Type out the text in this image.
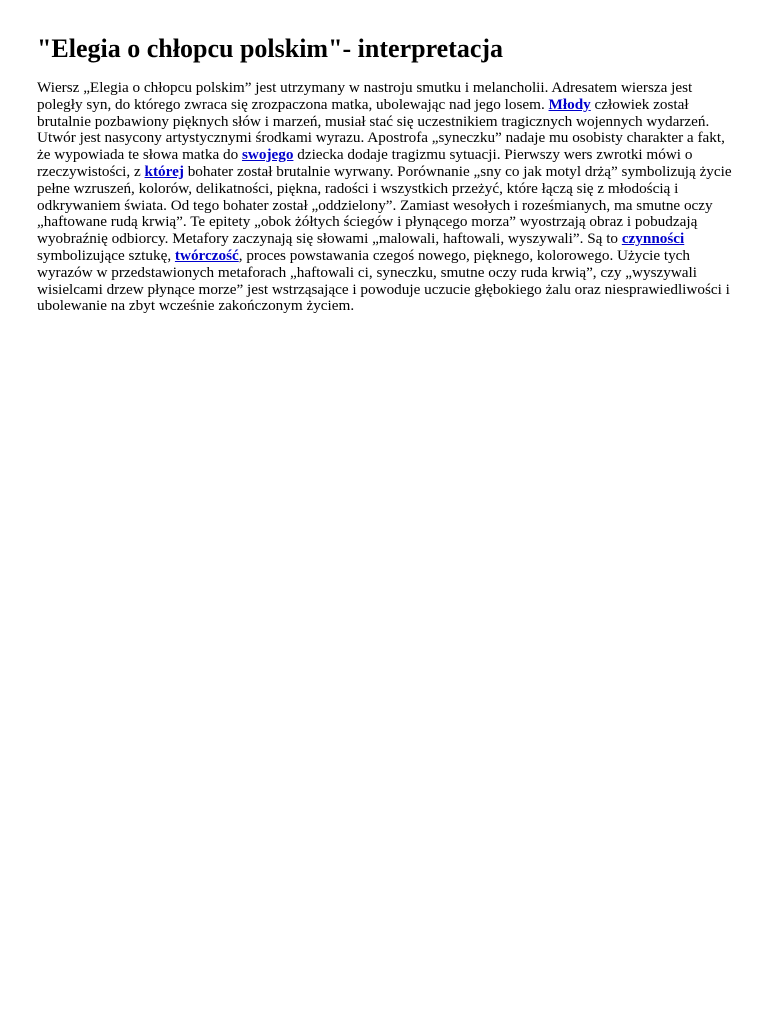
"Elegia o chłopcu polskim"- interpretacja

Wiersz „Elegia o chłopcu polskim” jest utrzymany w nastroju smutku i melancholii. Adresatem wiersza jest poległy syn, do którego zwraca się zrozpaczona matka, ubolewając nad jego losem. Młody człowiek został brutalnie pozbawiony pięknych słów i marzeń, musiał stać się uczestnikiem tragicznych wojennych wydarzeń. Utwór jest nasycony artystycznymi środkami wyrazu. Apostrofa „syneczku” nadaje mu osobisty charakter a fakt, że wypowiada te słowa matka do swojego dziecka dodaje tragizmu sytuacji. Pierwszy wers zwrotki mówi o rzeczywistości, z której bohater został brutalnie wyrwany. Porównanie „sny co jak motyl drżą” symbolizują życie pełne wzruszeń, kolorów, delikatności, piękna, radości i wszystkich przeżyć, które łączą się z młodością i odkrywaniem świata. Od tego bohater został „oddzielony”. Zamiast wesołych i roześmianych, ma smutne oczy „haftowane rudą krwią”. Te epitety „obok żółtych ściegów i płynącego morza” wyostrzają obraz i pobudzają wyobraźnię odbiorcy. Metafory zaczynają się słowami „malowali, haftowali, wyszywali”. Są to czynności symbolizujące sztukę, twórczość, proces powstawania czegoś nowego, pięknego, kolorowego. Użycie tych wyrazów w przedstawionych metaforach „haftowali ci, syneczku, smutne oczy ruda krwią”, czy „wyszywali wisielcami drzew płynące morze” jest wstrząsające i powoduje uczucie głębokiego żalu oraz niesprawiedliwości i ubolewanie na zbyt wcześnie zakończonym życiem.
